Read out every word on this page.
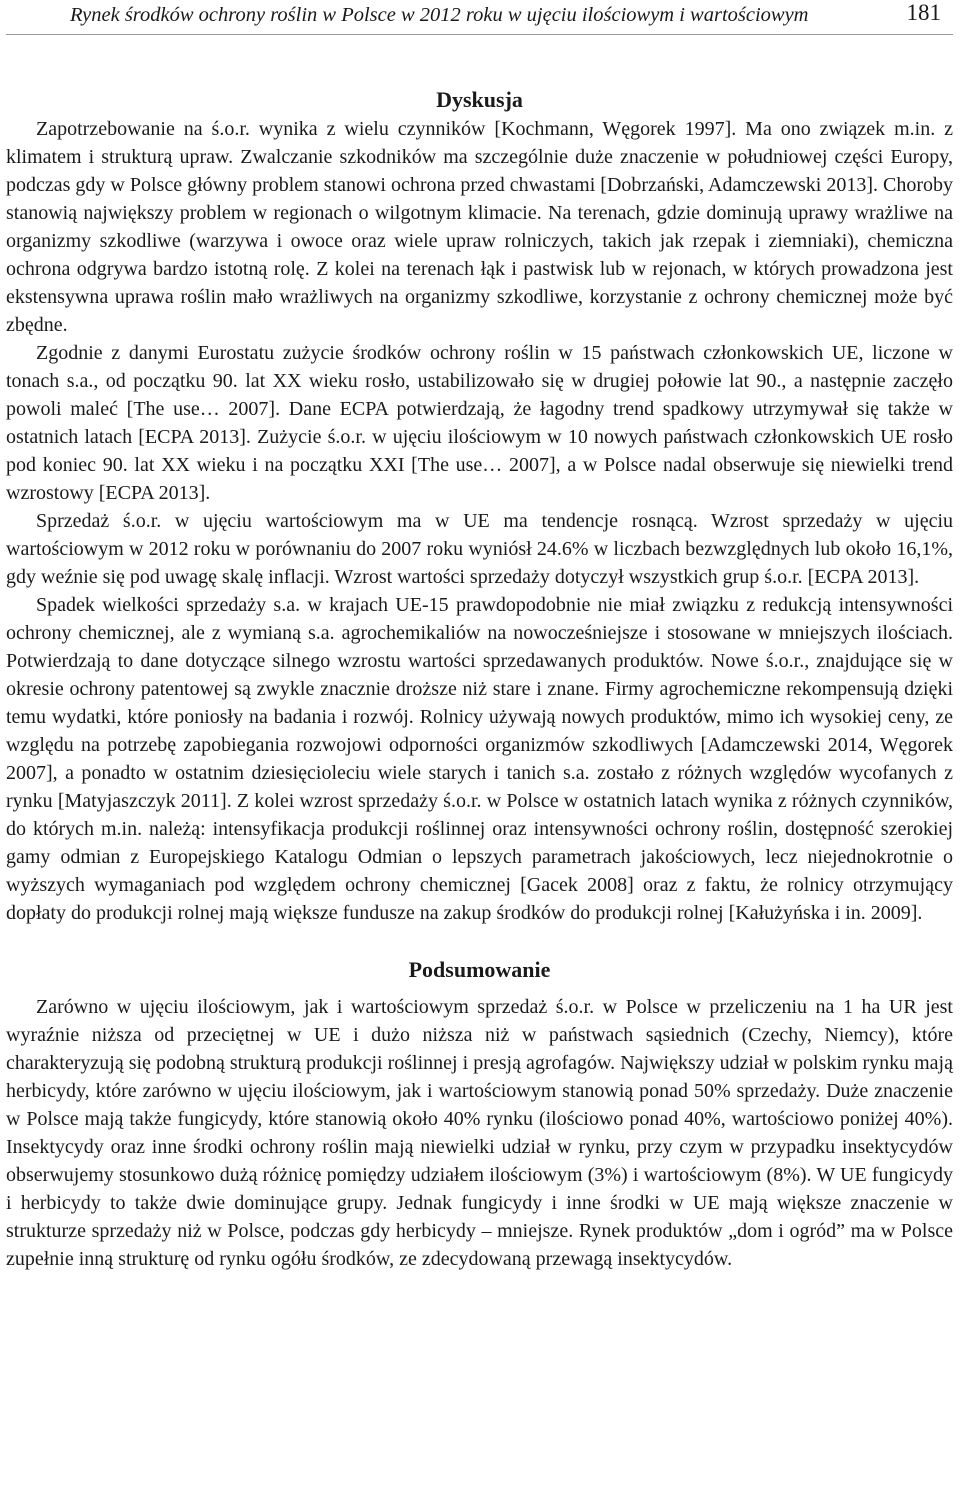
Rynek środków ochrony roślin w Polsce w 2012 roku w ujęciu ilościowym i wartościowym	181
Dyskusja

Zapotrzebowanie na ś.o.r. wynika z wielu czynników [Kochmann, Węgorek 1997]. Ma ono związek m.in. z klimatem i strukturą upraw. Zwalczanie szkodników ma szczególnie duże znaczenie w południowej części Europy, podczas gdy w Polsce główny problem stanowi ochrona przed chwastami [Dobrzański, Adamczewski 2013]. Choroby stanowią największy problem w regionach o wilgotnym klimacie. Na terenach, gdzie dominują uprawy wrażliwe na organizmy szkodliwe (warzywa i owoce oraz wiele upraw rolniczych, takich jak rzepak i ziemniaki), chemiczna ochrona odgrywa bardzo istotną rolę. Z kolei na terenach łąk i pastwisk lub w rejonach, w których prowadzona jest ekstensywna uprawa roślin mało wrażliwych na organizmy szkodliwe, korzystanie z ochrony chemicznej może być zbędne.

Zgodnie z danymi Eurostatu zużycie środków ochrony roślin w 15 państwach członkowskich UE, liczone w tonach s.a., od początku 90. lat XX wieku rosło, ustabilizowało się w drugiej połowie lat 90., a następnie zaczęło powoli maleć [The use… 2007]. Dane ECPA potwierdzają, że łagodny trend spadkowy utrzymywał się także w ostatnich latach [ECPA 2013]. Zużycie ś.o.r. w ujęciu ilościowym w 10 nowych państwach członkowskich UE rosło pod koniec 90. lat XX wieku i na początku XXI [The use… 2007], a w Polsce nadal obserwuje się niewielki trend wzrostowy [ECPA 2013].

Sprzedaż ś.o.r. w ujęciu wartościowym ma w UE ma tendencje rosnącą. Wzrost sprzedaży w ujęciu wartościowym w 2012 roku w porównaniu do 2007 roku wyniósł 24.6% w liczbach bezwzględnych lub około 16,1%, gdy weźnie się pod uwagę skalę inflacji. Wzrost wartości sprzedaży dotyczył wszystkich grup ś.o.r. [ECPA 2013].

Spadek wielkości sprzedaży s.a. w krajach UE-15 prawdopodobnie nie miał związku z redukcją intensywności ochrony chemicznej, ale z wymianą s.a. agrochemikaliów na nowocześniejsze i stosowane w mniejszych ilościach. Potwierdzają to dane dotyczące silnego wzrostu wartości sprzedawanych produktów. Nowe ś.o.r., znajdujące się w okresie ochrony patentowej są zwykle znacznie droższe niż stare i znane. Firmy agrochemiczne rekompensują dzięki temu wydatki, które poniosły na badania i rozwój. Rolnicy używają nowych produktów, mimo ich wysokiej ceny, ze względu na potrzebę zapobiegania rozwojowi odporności organizmów szkodliwych [Adamczewski 2014, Węgorek 2007], a ponadto w ostatnim dziesięcioleciu wiele starych i tanich s.a. zostało z różnych względów wycofanych z rynku [Matyjaszczyk 2011]. Z kolei wzrost sprzedaży ś.o.r. w Polsce w ostatnich latach wynika z różnych czynników, do których m.in. należą: intensyfikacja produkcji roślinnej oraz intensywności ochrony roślin, dostępność szerokiej gamy odmian z Europejskiego Katalogu Odmian o lepszych parametrach jakościowych, lecz niejednokrotnie o wyższych wymaganiach pod względem ochrony chemicznej [Gacek 2008] oraz z faktu, że rolnicy otrzymujący dopłaty do produkcji rolnej mają większe fundusze na zakup środków do produkcji rolnej [Kałużyńska i in. 2009].

Podsumowanie

Zarówno w ujęciu ilościowym, jak i wartościowym sprzedaż ś.o.r. w Polsce w przeliczeniu na 1 ha UR jest wyraźnie niższa od przeciętnej w UE i dużo niższa niż w państwach sąsiednich (Czechy, Niemcy), które charakteryzują się podobną strukturą produkcji roślinnej i presją agrofagów. Największy udział w polskim rynku mają herbicydy, które zarówno w ujęciu ilościowym, jak i wartościowym stanowią ponad 50% sprzedaży. Duże znaczenie w Polsce mają także fungicydy, które stanowią około 40% rynku (ilościowo ponad 40%, wartościowo poniżej 40%). Insektycydy oraz inne środki ochrony roślin mają niewielki udział w rynku, przy czym w przypadku insektycydów obserwujemy stosunkowo dużą różnicę pomiędzy udziałem ilościowym (3%) i wartościowym (8%). W UE fungicydy i herbicydy to także dwie dominujące grupy. Jednak fungicydy i inne środki w UE mają większe znaczenie w strukturze sprzedaży niż w Polsce, podczas gdy herbicydy – mniejsze. Rynek produktów „dom i ogród” ma w Polsce zupełnie inną strukturę od rynku ogółu środków, ze zdecydowaną przewagą insektycydów.
